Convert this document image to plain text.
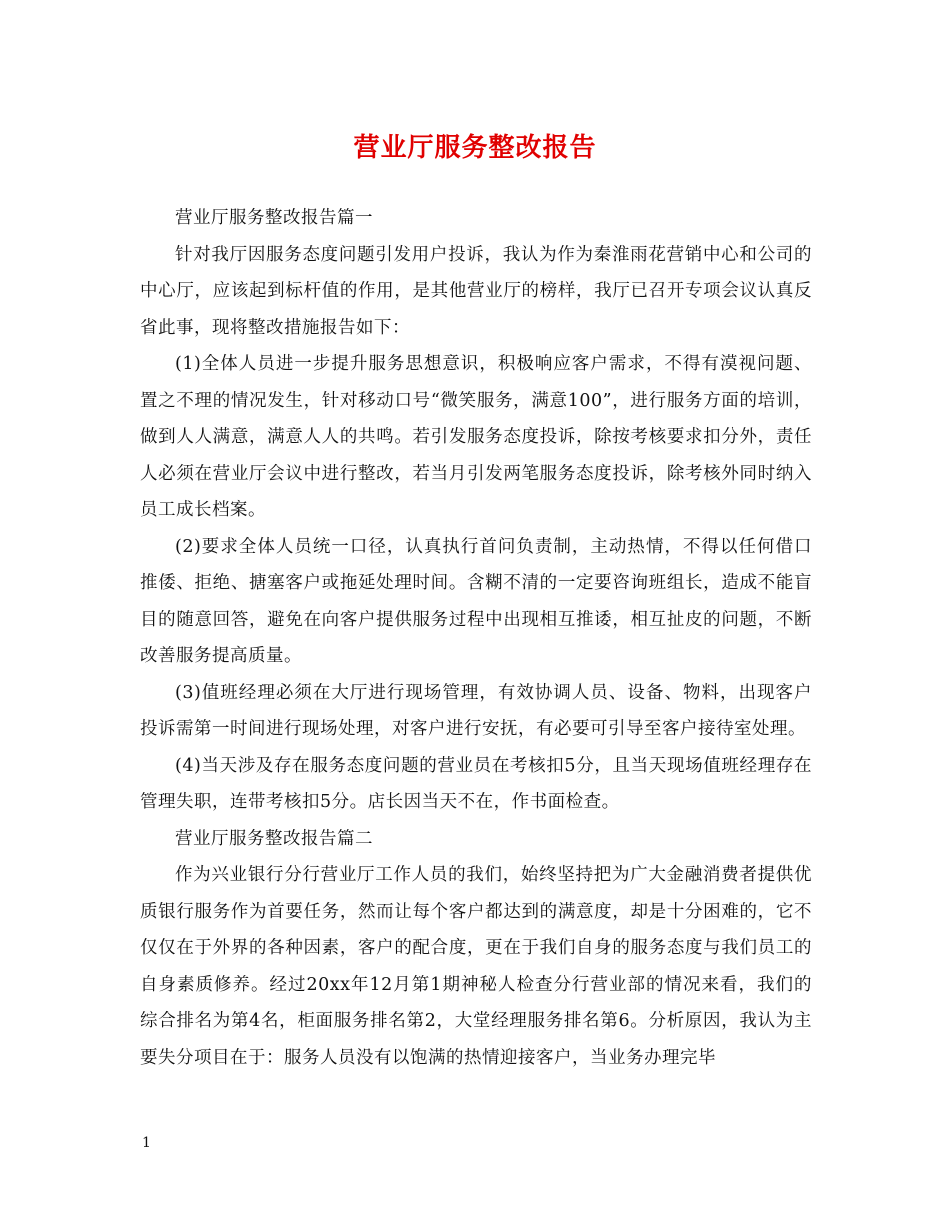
营业厅服务整改报告

营业厅服务整改报告篇一

针对我厅因服务态度问题引发用户投诉，我认为作为秦淮雨花营销中心和公司的中心厅，应该起到标杆值的作用，是其他营业厅的榜样，我厅已召开专项会议认真反省此事，现将整改措施报告如下：

(1)全体人员进一步提升服务思想意识，积极响应客户需求，不得有漠视问题、置之不理的情况发生，针对移动口号“微笑服务，满意100”，进行服务方面的培训，做到人人满意，满意人人的共鸣。若引发服务态度投诉，除按考核要求扣分外，责任人必须在营业厅会议中进行整改，若当月引发两笔服务态度投诉，除考核外同时纳入员工成长档案。

(2)要求全体人员统一口径，认真执行首问负责制，主动热情，不得以任何借口推倭、拒绝、搪塞客户或拖延处理时间。含糊不清的一定要咨询班组长，造成不能盲目的随意回答，避免在向客户提供服务过程中出现相互推诿，相互扯皮的问题，不断改善服务提高质量。

(3)值班经理必须在大厅进行现场管理，有效协调人员、设备、物料，出现客户投诉需第一时间进行现场处理，对客户进行安抚，有必要可引导至客户接待室处理。

(4)当天涉及存在服务态度问题的营业员在考核扣5分，且当天现场值班经理存在管理失职，连带考核扣5分。店长因当天不在，作书面检查。

营业厅服务整改报告篇二

作为兴业银行分行营业厅工作人员的我们，始终坚持把为广大金融消费者提供优质银行服务作为首要任务，然而让每个客户都达到的满意度，却是十分困难的，它不仅仅在于外界的各种因素，客户的配合度，更在于我们自身的服务态度与我们员工的自身素质修养。经过20xx年12月第1期神秘人检查分行营业部的情况来看，我们的综合排名为第4名，柜面服务排名第2，大堂经理服务排名第6。分析原因，我认为主要失分项目在于：服务人员没有以饱满的热情迎接客户，当业务办理完毕

1
